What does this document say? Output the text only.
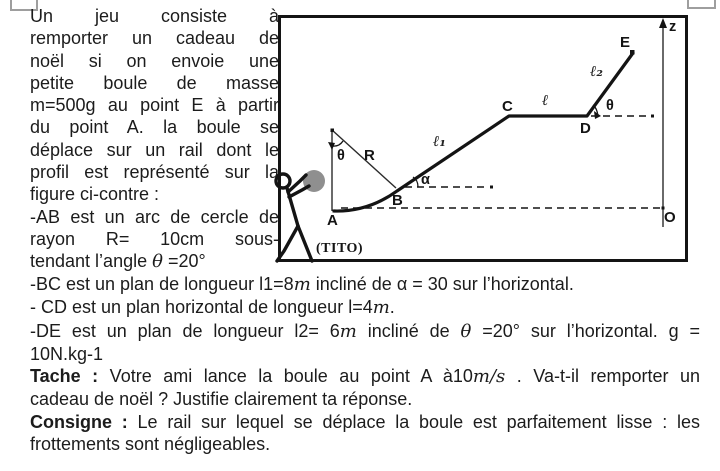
Un jeu consiste à
remporter un cadeau de
noël si on envoie une
petite boule de masse
m=500g au point E à partir
du point A. la boule se
déplace sur un rail dont le
profil est représenté sur la
figure ci-contre :
-AB est un arc de cercle de
rayon R= 10cm sous-
tendant l’angle θ =20°
A
B
C
D
E
z
O
θ R
α
θ
ℓ₁
ℓ
ℓ₂
(TITO)
-BC est un plan de longueur l1=8m incliné de α = 30 sur l’horizontal.
- CD est un plan horizontal de longueur l=4m.
-DE est un plan de longueur l2= 6m incliné de θ =20° sur l’horizontal. g =
10N.kg-1
Tache : Votre ami lance la boule au point A à10m/s . Va-t-il remporter un
cadeau de noël ? Justifie clairement ta réponse.
Consigne : Le rail sur lequel se déplace la boule est parfaitement lisse : les
frottements sont négligeables.
